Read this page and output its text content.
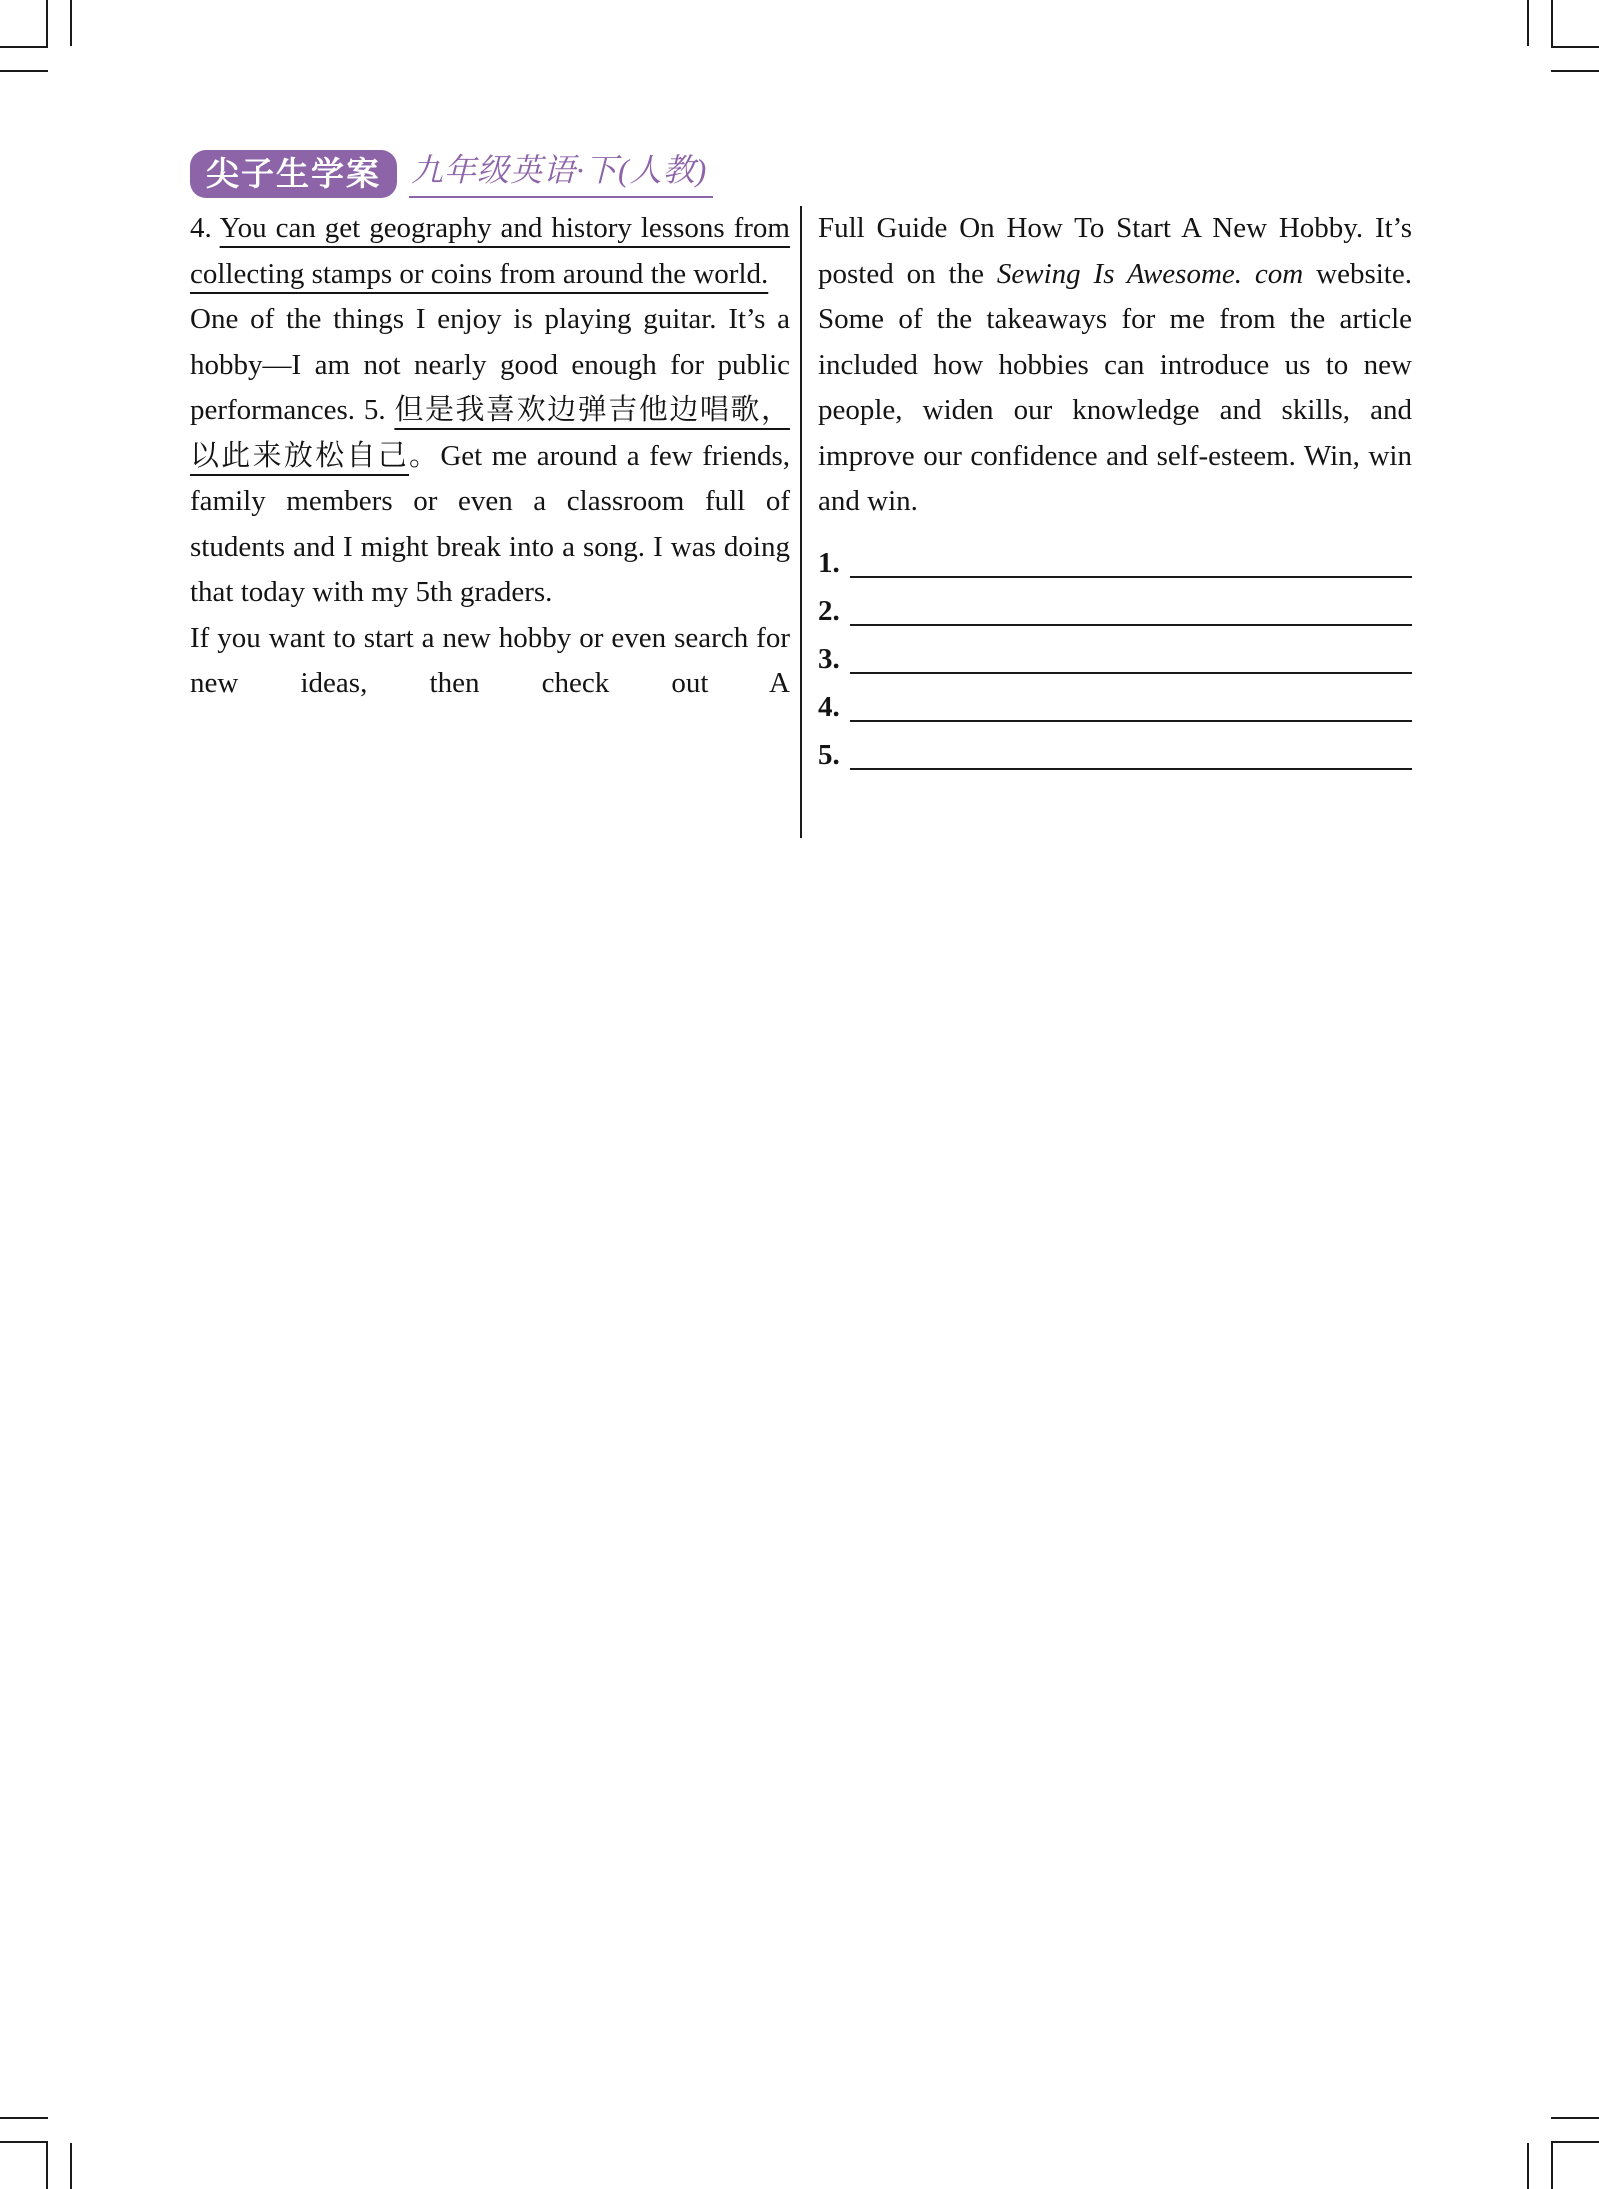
尖子生学案 九年级英语·下(人教)

4. You can get geography and history lessons from collecting stamps or coins from around the world.

One of the things I enjoy is playing guitar. It’s a hobby—I am not nearly good enough for public performances. 5. 但是我喜欢边弹吉他边唱歌，以此来放松自己。Get me around a few friends, family members or even a classroom full of students and I might break into a song. I was doing that today with my 5th graders.

If you want to start a new hobby or even search for new ideas, then check out A

Full Guide On How To Start A New Hobby. It’s posted on the Sewing Is Awesome. com website. Some of the takeaways for me from the article included how hobbies can introduce us to new people, widen our knowledge and skills, and improve our confidence and self-esteem. Win, win and win.

1.
2.
3.
4.
5.
